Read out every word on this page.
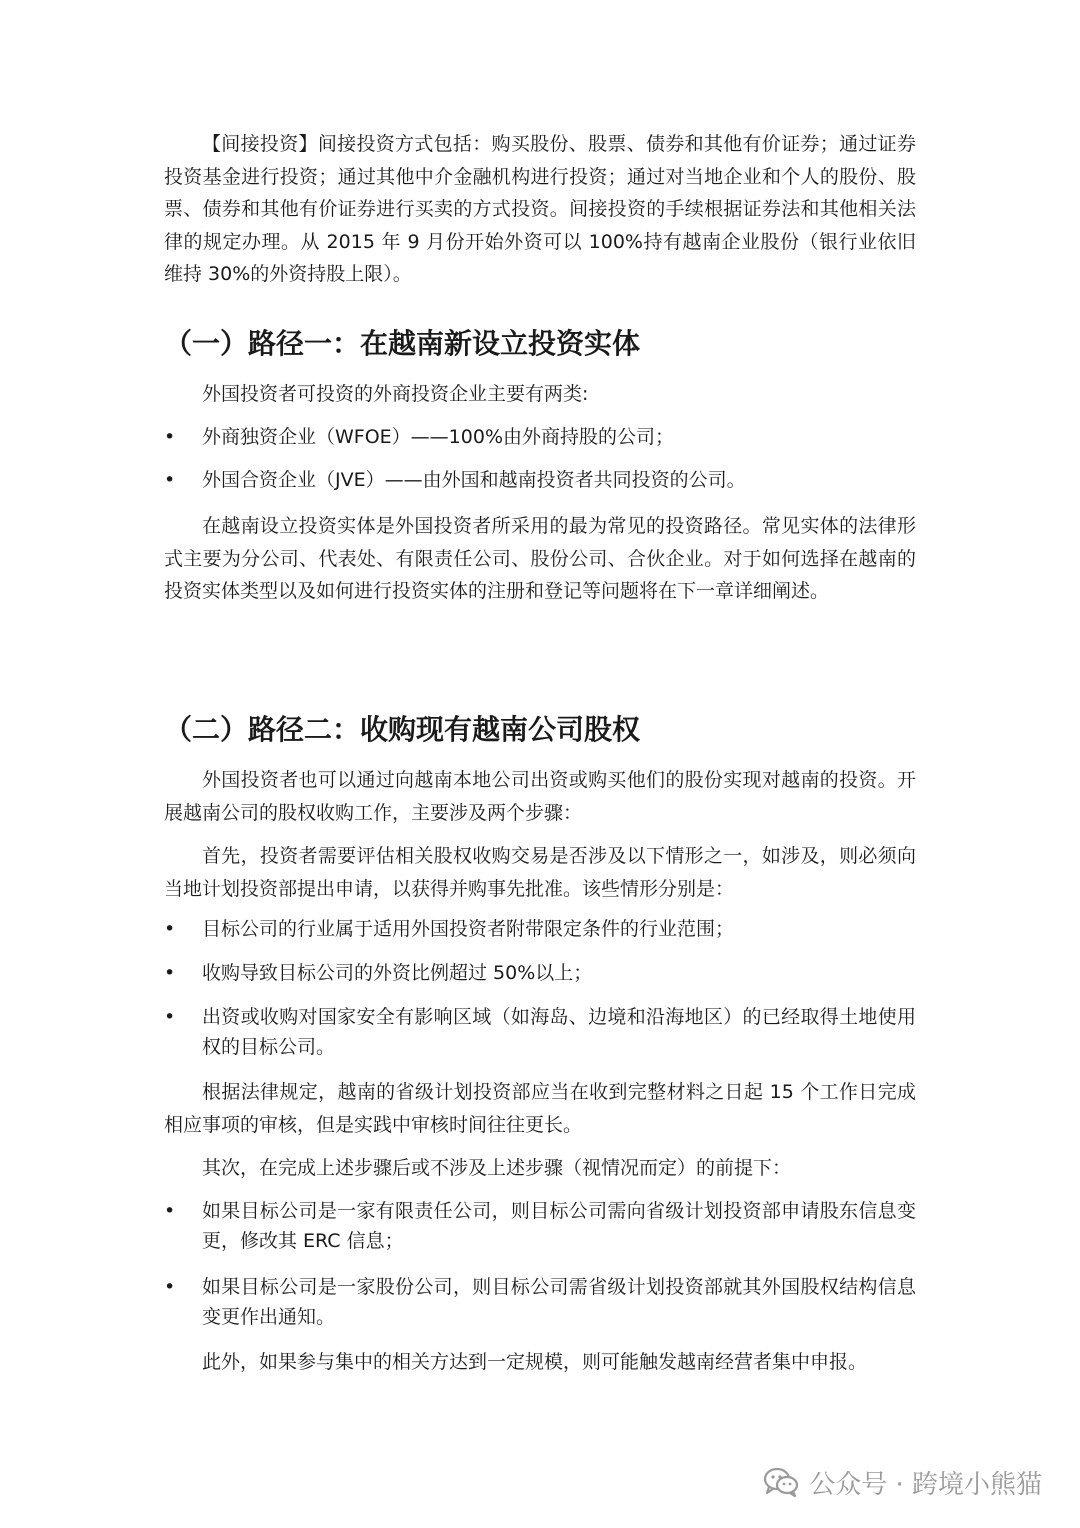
【间接投资】间接投资方式包括：购买股份、股票、债券和其他有价证券；通过证券投资基金进行投资；通过其他中介金融机构进行投资；通过对当地企业和个人的股份、股票、债券和其他有价证券进行买卖的方式投资。间接投资的手续根据证券法和其他相关法律的规定办理。从 2015 年 9 月份开始外资可以 100%持有越南企业股份（银行业依旧维持 30%的外资持股上限）。

（一）路径一：在越南新设立投资实体

外国投资者可投资的外商投资企业主要有两类:

•	外商独资企业（WFOE）——100%由外商持股的公司；
•	外国合资企业（JVE）——由外国和越南投资者共同投资的公司。

在越南设立投资实体是外国投资者所采用的最为常见的投资路径。常见实体的法律形式主要为分公司、代表处、有限责任公司、股份公司、合伙企业。对于如何选择在越南的投资实体类型以及如何进行投资实体的注册和登记等问题将在下一章详细阐述。

（二）路径二：收购现有越南公司股权

外国投资者也可以通过向越南本地公司出资或购买他们的股份实现对越南的投资。开展越南公司的股权收购工作，主要涉及两个步骤：

首先，投资者需要评估相关股权收购交易是否涉及以下情形之一，如涉及，则必须向当地计划投资部提出申请，以获得并购事先批准。该些情形分别是：

•	目标公司的行业属于适用外国投资者附带限定条件的行业范围；
•	收购导致目标公司的外资比例超过 50%以上；
•	出资或收购对国家安全有影响区域（如海岛、边境和沿海地区）的已经取得土地使用权的目标公司。

根据法律规定，越南的省级计划投资部应当在收到完整材料之日起 15 个工作日完成相应事项的审核，但是实践中审核时间往往更长。

其次，在完成上述步骤后或不涉及上述步骤（视情况而定）的前提下：

•	如果目标公司是一家有限责任公司，则目标公司需向省级计划投资部申请股东信息变更，修改其 ERC 信息；
•	如果目标公司是一家股份公司，则目标公司需省级计划投资部就其外国股权结构信息变更作出通知。

此外，如果参与集中的相关方达到一定规模，则可能触发越南经营者集中申报。

公众号 · 跨境小熊猫
